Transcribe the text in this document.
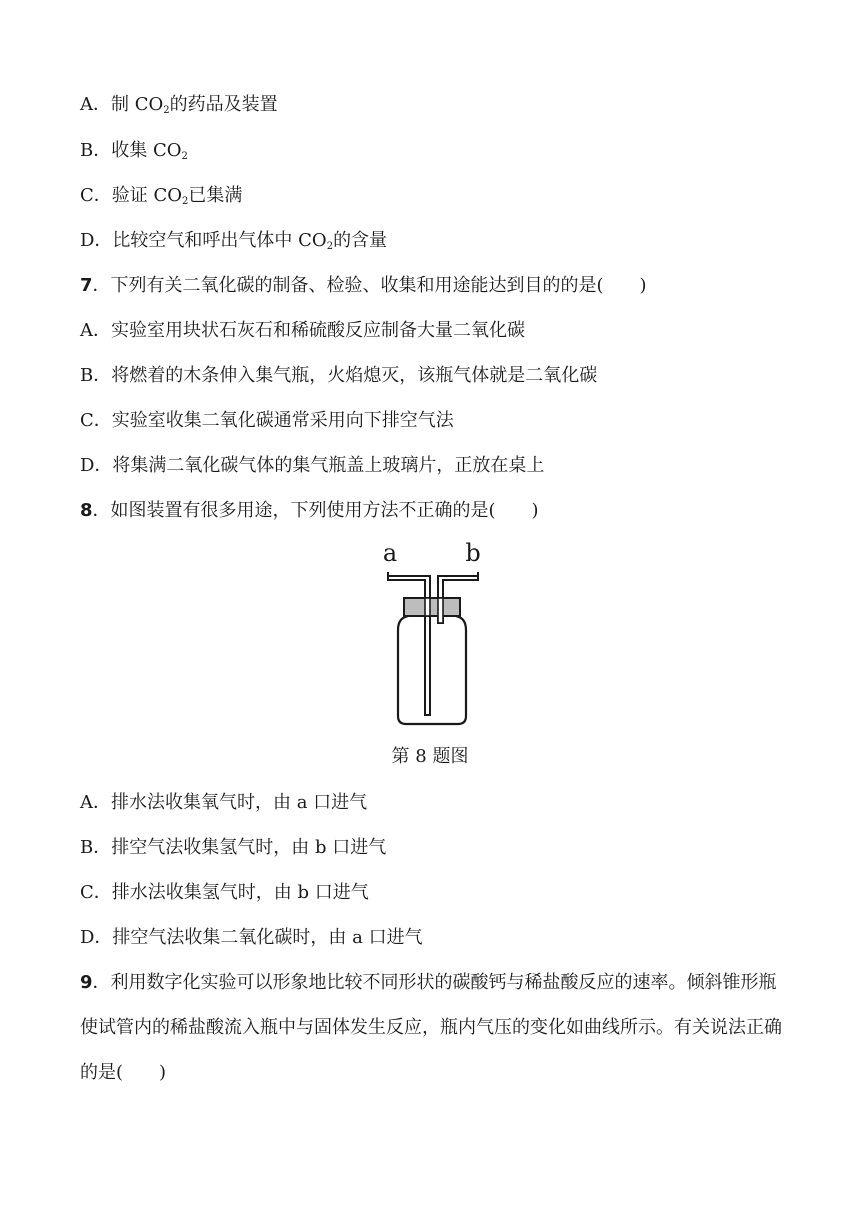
A．制 $CO_2$的药品及装置
B．收集 $CO_2$
C．验证 $CO_2$已集满
D．比较空气和呼出气体中 $CO_2$的含量
7．下列有关二氧化碳的制备、检验、收集和用途能达到目的的是(　　)
A．实验室用块状石灰石和稀硫酸反应制备大量二氧化碳
B．将燃着的木条伸入集气瓶，火焰熄灭，该瓶气体就是二氧化碳
C．实验室收集二氧化碳通常采用向下排空气法
D．将集满二氧化碳气体的集气瓶盖上玻璃片，正放在桌上
8．如图装置有很多用途，下列使用方法不正确的是(　　)
a	b
第 8 题图
A．排水法收集氧气时，由 a 口进气
B．排空气法收集氢气时，由 b 口进气
C．排水法收集氢气时，由 b 口进气
D．排空气法收集二氧化碳时，由 a 口进气
9．利用数字化实验可以形象地比较不同形状的碳酸钙与稀盐酸反应的速率。倾斜锥形瓶使试管内的稀盐酸流入瓶中与固体发生反应，瓶内气压的变化如曲线所示。有关说法正确的是(　　)
